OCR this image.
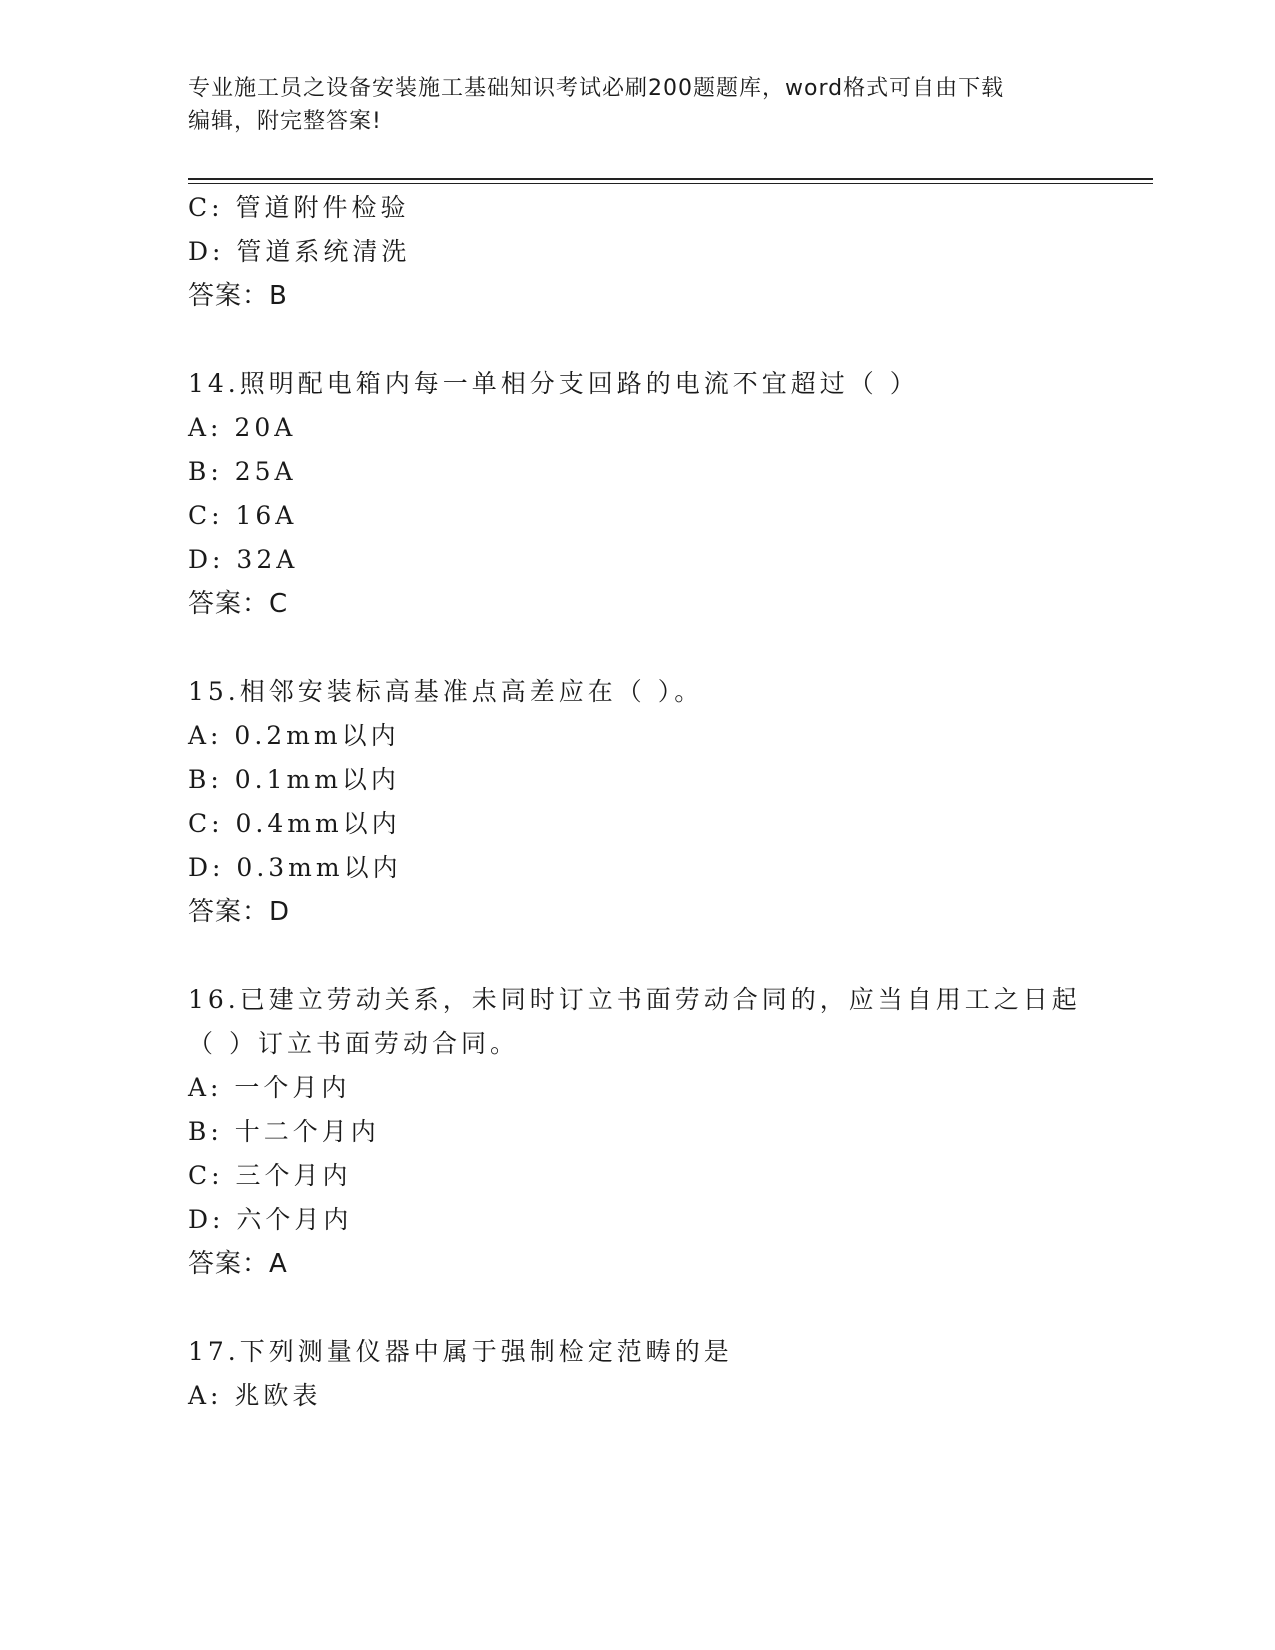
专业施工员之设备安装施工基础知识考试必刷200题题库，word格式可自由下载
编辑，附完整答案!
C: 管道附件检验
D: 管道系统清洗
答案：B
14.照明配电箱内每一单相分支回路的电流不宜超过（ ）
A: 20A
B: 25A
C: 16A
D: 32A
答案：C
15.相邻安装标高基准点高差应在（ ）。
A: 0.2mm以内
B: 0.1mm以内
C: 0.4mm以内
D: 0.3mm以内
答案：D
16.已建立劳动关系，未同时订立书面劳动合同的，应当自用工之日起
（ ）订立书面劳动合同。
A: 一个月内
B: 十二个月内
C: 三个月内
D: 六个月内
答案：A
17.下列测量仪器中属于强制检定范畴的是
A: 兆欧表
